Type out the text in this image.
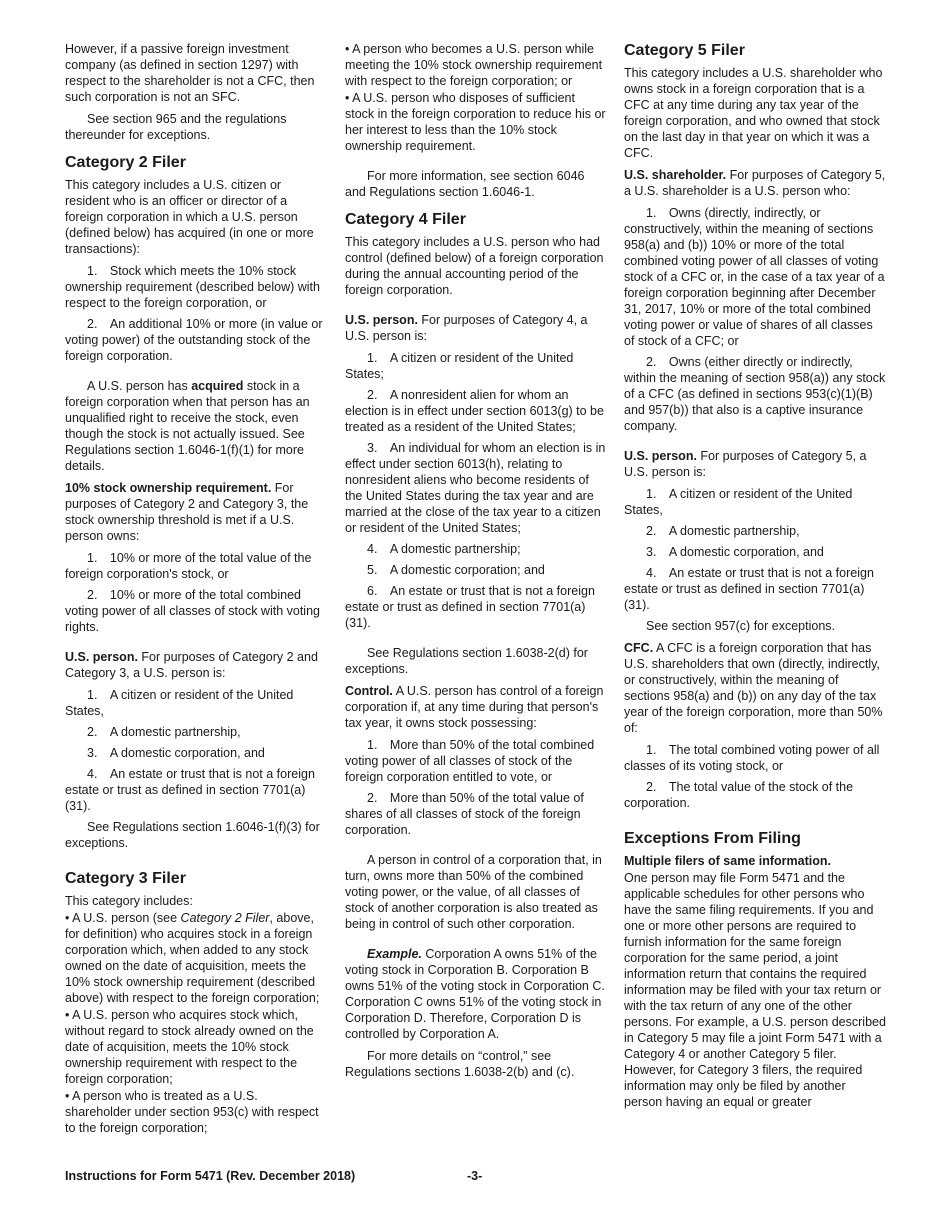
However, if a passive foreign investment company (as defined in section 1297) with respect to the shareholder is not a CFC, then such corporation is not an SFC.

See section 965 and the regulations thereunder for exceptions.

Category 2 Filer

This category includes a U.S. citizen or resident who is an officer or director of a foreign corporation in which a U.S. person (defined below) has acquired (in one or more transactions):

1. Stock which meets the 10% stock ownership requirement (described below) with respect to the foreign corporation, or

2. An additional 10% or more (in value or voting power) of the outstanding stock of the foreign corporation.

A U.S. person has acquired stock in a foreign corporation when that person has an unqualified right to receive the stock, even though the stock is not actually issued. See Regulations section 1.6046-1(f)(1) for more details.

10% stock ownership requirement. For purposes of Category 2 and Category 3, the stock ownership threshold is met if a U.S. person owns:

1. 10% or more of the total value of the foreign corporation's stock, or

2. 10% or more of the total combined voting power of all classes of stock with voting rights.

U.S. person. For purposes of Category 2 and Category 3, a U.S. person is:

1. A citizen or resident of the United States,

2. A domestic partnership,

3. A domestic corporation, and

4. An estate or trust that is not a foreign estate or trust as defined in section 7701(a)(31).

See Regulations section 1.6046-1(f)(3) for exceptions.

Category 3 Filer

This category includes:

• A U.S. person (see Category 2 Filer, above, for definition) who acquires stock in a foreign corporation which, when added to any stock owned on the date of acquisition, meets the 10% stock ownership requirement (described above) with respect to the foreign corporation;

• A U.S. person who acquires stock which, without regard to stock already owned on the date of acquisition, meets the 10% stock ownership requirement with respect to the foreign corporation;

• A person who is treated as a U.S. shareholder under section 953(c) with respect to the foreign corporation;

• A person who becomes a U.S. person while meeting the 10% stock ownership requirement with respect to the foreign corporation; or

• A U.S. person who disposes of sufficient stock in the foreign corporation to reduce his or her interest to less than the 10% stock ownership requirement.

For more information, see section 6046 and Regulations section 1.6046-1.

Category 4 Filer

This category includes a U.S. person who had control (defined below) of a foreign corporation during the annual accounting period of the foreign corporation.

U.S. person. For purposes of Category 4, a U.S. person is:

1. A citizen or resident of the United States;

2. A nonresident alien for whom an election is in effect under section 6013(g) to be treated as a resident of the United States;

3. An individual for whom an election is in effect under section 6013(h), relating to nonresident aliens who become residents of the United States during the tax year and are married at the close of the tax year to a citizen or resident of the United States;

4. A domestic partnership;

5. A domestic corporation; and

6. An estate or trust that is not a foreign estate or trust as defined in section 7701(a)(31).

See Regulations section 1.6038-2(d) for exceptions.

Control. A U.S. person has control of a foreign corporation if, at any time during that person's tax year, it owns stock possessing:

1. More than 50% of the total combined voting power of all classes of stock of the foreign corporation entitled to vote, or

2. More than 50% of the total value of shares of all classes of stock of the foreign corporation.

A person in control of a corporation that, in turn, owns more than 50% of the combined voting power, or the value, of all classes of stock of another corporation is also treated as being in control of such other corporation.

Example. Corporation A owns 51% of the voting stock in Corporation B. Corporation B owns 51% of the voting stock in Corporation C. Corporation C owns 51% of the voting stock in Corporation D. Therefore, Corporation D is controlled by Corporation A.

For more details on “control,” see Regulations sections 1.6038-2(b) and (c).

Category 5 Filer

This category includes a U.S. shareholder who owns stock in a foreign corporation that is a CFC at any time during any tax year of the foreign corporation, and who owned that stock on the last day in that year on which it was a CFC.

U.S. shareholder. For purposes of Category 5, a U.S. shareholder is a U.S. person who:

1. Owns (directly, indirectly, or constructively, within the meaning of sections 958(a) and (b)) 10% or more of the total combined voting power of all classes of voting stock of a CFC or, in the case of a tax year of a foreign corporation beginning after December 31, 2017, 10% or more of the total combined voting power or value of shares of all classes of stock of a CFC; or

2. Owns (either directly or indirectly, within the meaning of section 958(a)) any stock of a CFC (as defined in sections 953(c)(1)(B) and 957(b)) that also is a captive insurance company.

U.S. person. For purposes of Category 5, a U.S. person is:

1. A citizen or resident of the United States,

2. A domestic partnership,

3. A domestic corporation, and

4. An estate or trust that is not a foreign estate or trust as defined in section 7701(a)(31).

See section 957(c) for exceptions.

CFC. A CFC is a foreign corporation that has U.S. shareholders that own (directly, indirectly, or constructively, within the meaning of sections 958(a) and (b)) on any day of the tax year of the foreign corporation, more than 50% of:

1. The total combined voting power of all classes of its voting stock, or

2. The total value of the stock of the corporation.

Exceptions From Filing

Multiple filers of same information.

One person may file Form 5471 and the applicable schedules for other persons who have the same filing requirements. If you and one or more other persons are required to furnish information for the same foreign corporation for the same period, a joint information return that contains the required information may be filed with your tax return or with the tax return of any one of the other persons. For example, a U.S. person described in Category 5 may file a joint Form 5471 with a Category 4 or another Category 5 filer. However, for Category 3 filers, the required information may only be filed by another person having an equal or greater

Instructions for Form 5471 (Rev. December 2018)	-3-
